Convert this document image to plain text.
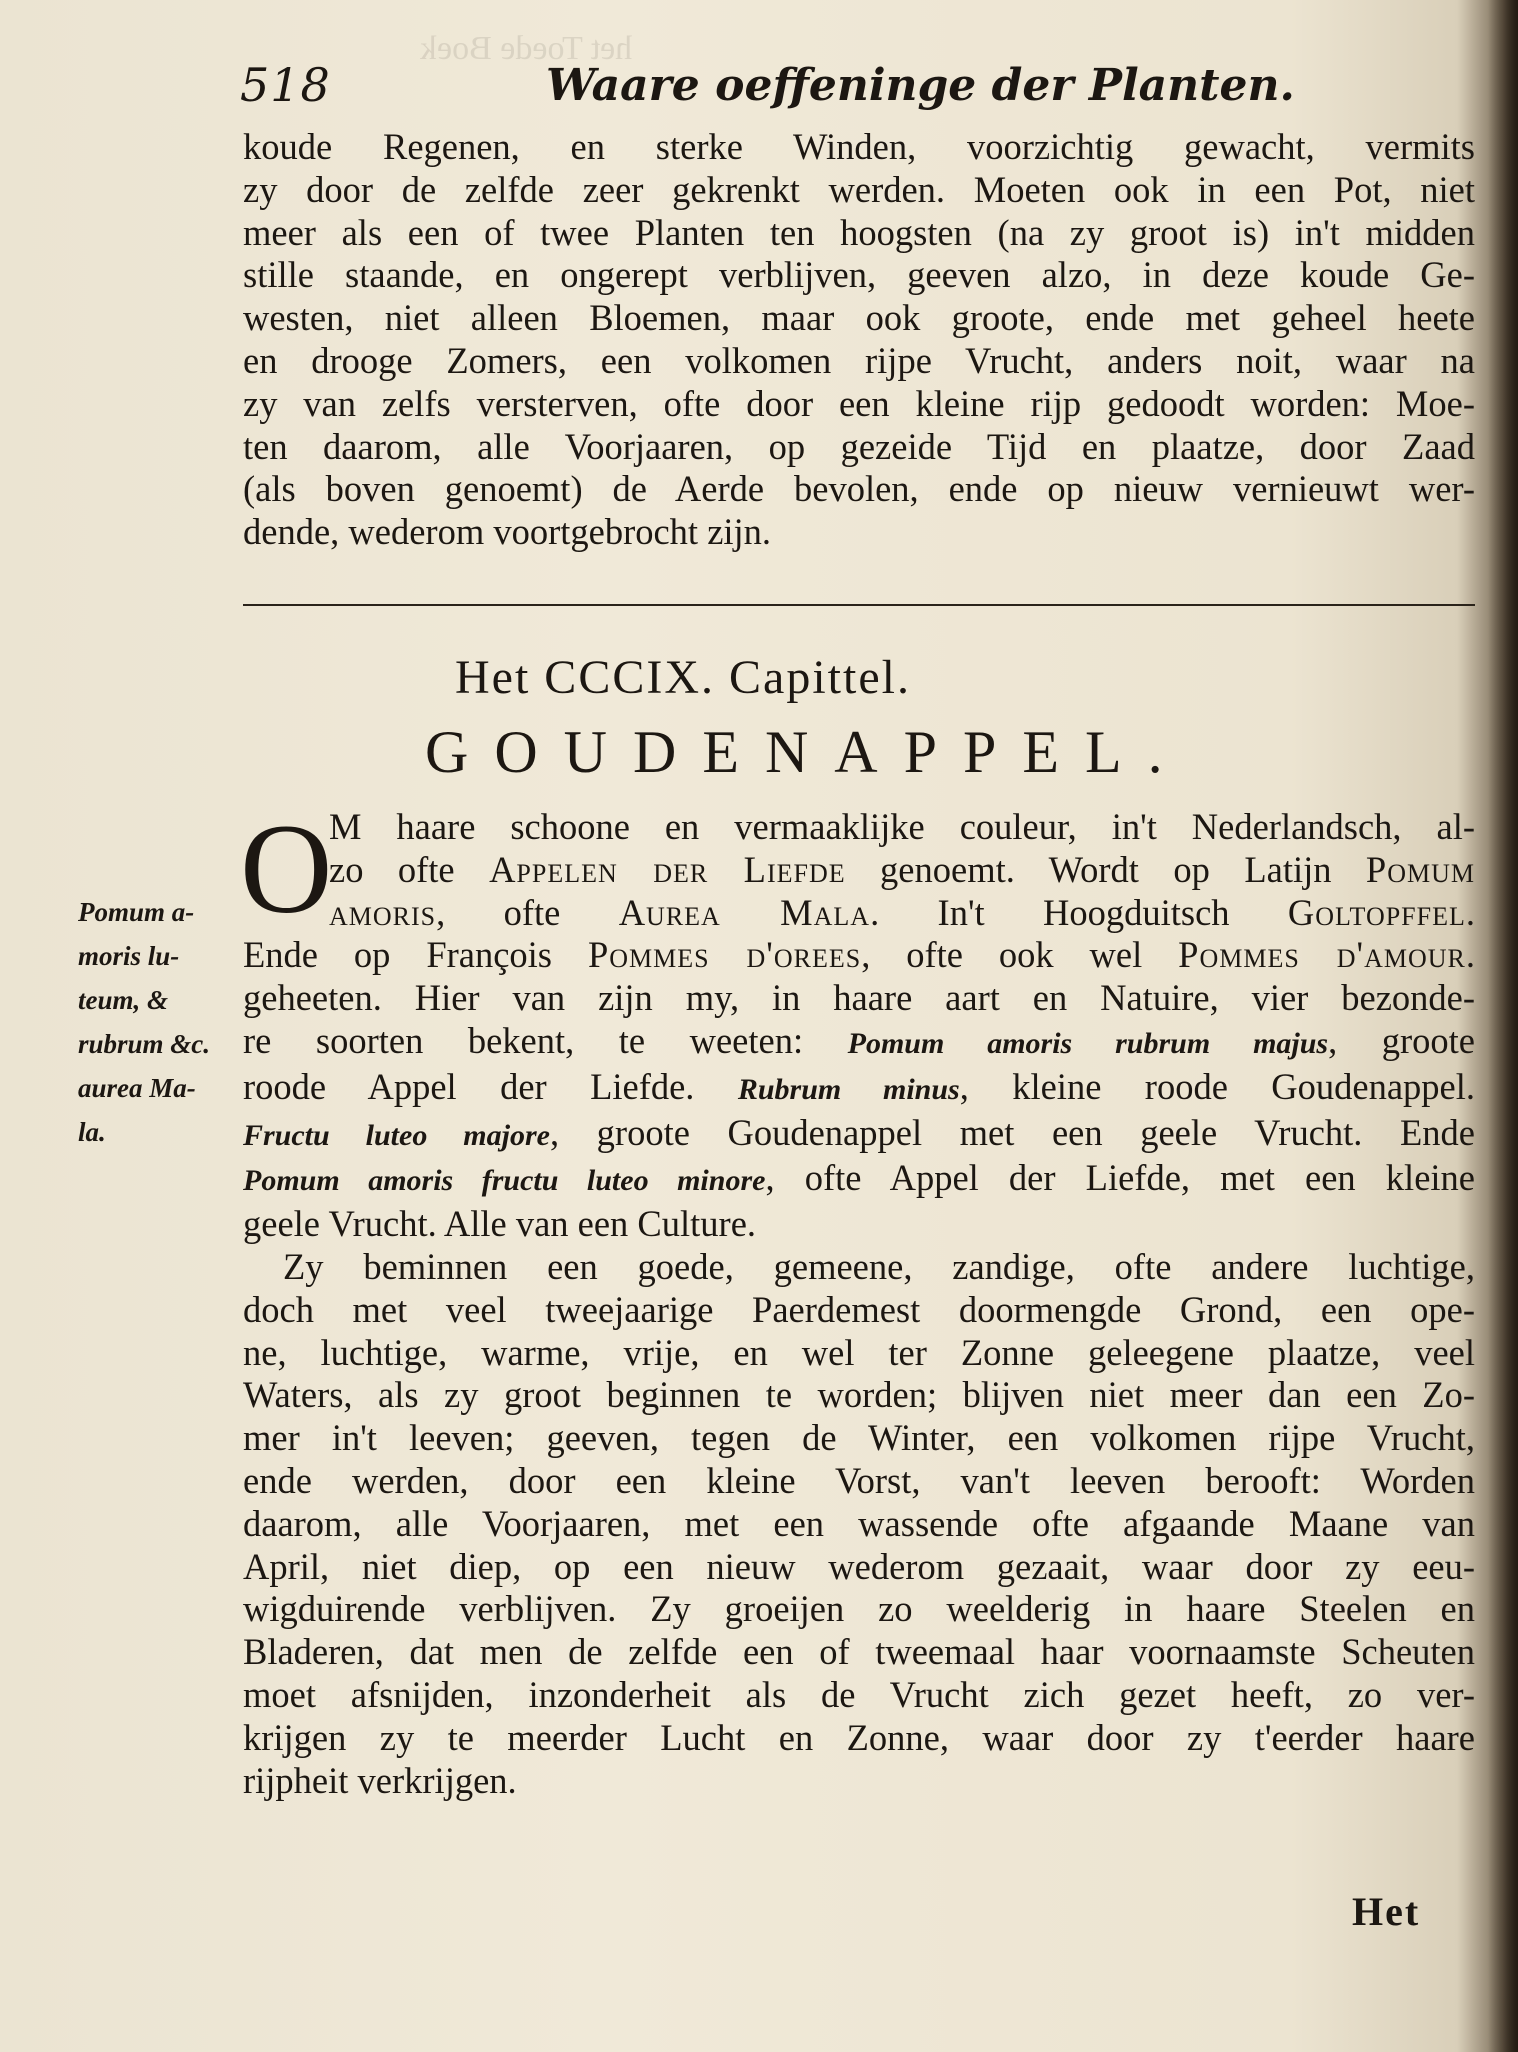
het Toede Boek
518	Waare oeffeninge der Planten.
koude Regenen, en sterke Winden, voorzichtig gewacht, vermits
zy door de zelfde zeer gekrenkt werden. Moeten ook in een Pot, niet
meer als een of twee Planten ten hoogsten (na zy groot is) in't midden
stille staande, en ongerept verblijven, geeven alzo, in deze koude Ge-
westen, niet alleen Bloemen, maar ook groote, ende met geheel heete
en drooge Zomers, een volkomen rijpe Vrucht, anders noit, waar na
zy van zelfs versterven, ofte door een kleine rijp gedoodt worden: Moe-
ten daarom, alle Voorjaaren, op gezeide Tijd en plaatze, door Zaad
(als boven genoemt) de Aerde bevolen, ende op nieuw vernieuwt wer-
dende, wederom voortgebrocht zijn.
Het CCCIX. Capittel.
GOUDENAPPEL.
O
Pomum a-
moris lu-
teum, &
rubrum &c.
aurea Ma-
la.
M haare schoone en vermaaklijke couleur, in't Nederlandsch, al-
zo ofte Appelen der Liefde genoemt. Wordt op Latijn Pomum
amoris, ofte Aurea Mala. In't Hoogduitsch Goltopffel.
Ende op François Pommes d'orees, ofte ook wel Pommes d'amour.
geheeten. Hier van zijn my, in haare aart en Natuire, vier bezonde-
re soorten bekent, te weeten: Pomum amoris rubrum majus, groote
roode Appel der Liefde. Rubrum minus, kleine roode Goudenappel.
Fructu luteo majore, groote Goudenappel met een geele Vrucht. Ende
Pomum amoris fructu luteo minore, ofte Appel der Liefde, met een kleine
geele Vrucht. Alle van een Culture.
Zy beminnen een goede, gemeene, zandige, ofte andere luchtige,
doch met veel tweejaarige Paerdemest doormengde Grond, een ope-
ne, luchtige, warme, vrije, en wel ter Zonne geleegene plaatze, veel
Waters, als zy groot beginnen te worden; blijven niet meer dan een Zo-
mer in't leeven; geeven, tegen de Winter, een volkomen rijpe Vrucht,
ende werden, door een kleine Vorst, van't leeven berooft: Worden
daarom, alle Voorjaaren, met een wassende ofte afgaande Maane van
April, niet diep, op een nieuw wederom gezaait, waar door zy eeu-
wigduirende verblijven. Zy groeijen zo weelderig in haare Steelen en
Bladeren, dat men de zelfde een of tweemaal haar voornaamste Scheuten
moet afsnijden, inzonderheit als de Vrucht zich gezet heeft, zo ver-
krijgen zy te meerder Lucht en Zonne, waar door zy t'eerder haare
rijpheit verkrijgen.
Het
